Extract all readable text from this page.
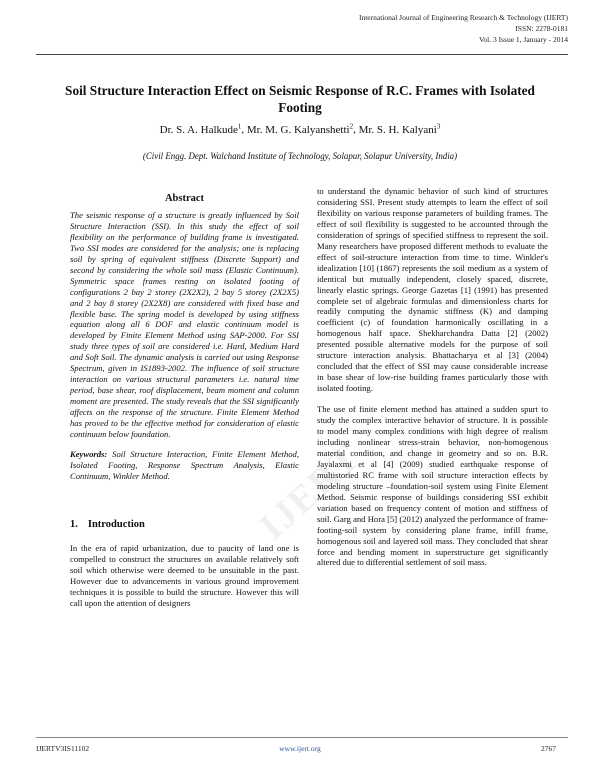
International Journal of Engineering Research & Technology (IJERT)
ISSN: 2278-0181
Vol. 3 Issue 1, January - 2014
IJERT
Soil Structure Interaction Effect on Seismic Response of R.C. Frames with Isolated Footing
Dr. S. A. Halkude$^1$, Mr. M. G. Kalyanshetti$^2$, Mr. S. H. Kalyani$^3$
(Civil Engg. Dept. Walchand Institute of Technology, Solapur, Solapur University, India)
Abstract

The seismic response of a structure is greatly influenced by Soil Structure Interaction (SSI). In this study the effect of soil flexibility on the performance of building frame is investigated. Two SSI modes are considered for the analysis; one is replacing soil by spring of equivalent stiffness (Discrete Support) and second by considering the whole soil mass (Elastic Continuum). Symmetric space frames resting on isolated footing of configurations 2 bay 2 storey (2X2X2), 2 bay 5 storey (2X2X5) and 2 bay 8 storey (2X2X8) are considered with fixed base and flexible base. The spring model is developed by using stiffness equation along all 6 DOF and elastic continuum model is developed by Finite Element Method using SAP-2000. For SSI study three types of soil are considered i.e. Hard, Medium Hard and Soft Soil. The dynamic analysis is carried out using Response Spectrum, given in IS1893-2002. The influence of soil structure interaction on various structural parameters i.e. natural time period, base shear, roof displacement, beam moment and column moment are presented. The study reveals that the SSI significantly affects on the response of the structure. Finite Element Method has proved to be the effective method for consideration of elastic continuum below foundation.

Keywords: Soil Structure Interaction, Finite Element Method, Isolated Footing, Response Spectrum Analysis, Elastic Continuum, Winkler Method.

1. Introduction

In the era of rapid urbanization, due to paucity of land one is compelled to construct the structures on available relatively soft soil which otherwise were deemed to be unsuitable in the past. However due to advancements in various ground improvement techniques it is possible to build the structure. However this will call upon the attention of designers

to understand the dynamic behavior of such kind of structures considering SSI. Present study attempts to learn the effect of soil flexibility on various response parameters of building frames. The effect of soil flexibility is suggested to be accounted through the consideration of springs of specified stiffness to represent the soil. Many researchers have proposed different methods to evaluate the effect of soil-structure interaction from time to time. Winkler's idealization [10] (1867) represents the soil medium as a system of identical but mutually independent, closely spaced, discrete, linearly elastic springs. George Gazetas [1] (1991) has presented complete set of algebraic formulas and dimensionless charts for readily computing the dynamic stiffness (K) and damping coefficient (c) of foundation harmonically oscillating in a homogenous half space. Shekharchandra Datta [2] (2002) presented possible alternative models for the purpose of soil structure interaction analysis. Bhattacharya et al [3] (2004) concluded that the effect of SSI may cause considerable increase in base shear of low-rise building frames particularly those with isolated footing.

The use of finite element method has attained a sudden spurt to study the complex interactive behavior of structure. It is possible to model many complex conditions with high degree of realism including nonlinear stress-strain behavior, non-homogenous material condition, and change in geometry and so on. B.R. Jayalaxmi et al [4] (2009) studied earthquake response of multistoried RC frame with soil structure interaction effects by modeling structure –foundation-soil system using Finite Element Method. Seismic response of buildings considering SSI exhibit variation based on frequency content of motion and stiffness of soil. Garg and Hora [5] (2012) analyzed the performance of frame-footing-soil system by considering plane frame, infill frame, homogenous soil and layered soil mass. They concluded that shear force and bending moment in superstructure get significantly altered due to differential settlement of soil mass.

IJERTV3IS11102	www.ijert.org	2767
